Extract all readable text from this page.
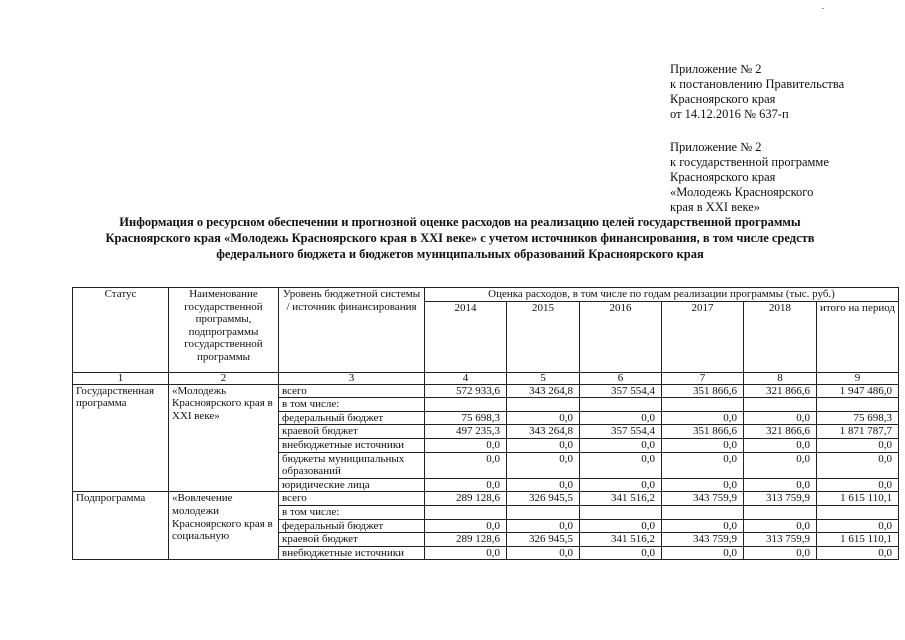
Приложение № 2
к постановлению Правительства
Красноярского края
от 14.12.2016 № 637-п
Приложение № 2
к государственной программе
Красноярского края
«Молодежь Красноярского
края в XXI веке»
Информация о ресурсном обеспечении и прогнозной оценке расходов на реализацию целей государственной программы
Красноярского края «Молодежь Красноярского края в XXI веке» с учетом источников финансирования, в том числе средств
федерального бюджета и бюджетов муниципальных образований Красноярского края
Статус	Наименование государственной программы, подпрограммы государственной программы	Уровень бюджетной системы / источник финансирования	Оценка расходов, в том числе по годам реализации программы (тыс. руб.)					
			2014	2015	2016	2017	2018	итого на период
1	2	3	4	5	6	7	8	9
Государственная программа	«Молодежь Красноярского края в XXI веке»	всего	572 933,6	343 264,8	357 554,4	351 866,6	321 866,6	1 947 486,0
		в том числе:						
		федеральный бюджет	75 698,3	0,0	0,0	0,0	0,0	75 698,3
		краевой бюджет	497 235,3	343 264,8	357 554,4	351 866,6	321 866,6	1 871 787,7
		внебюджетные источники	0,0	0,0	0,0	0,0	0,0	0,0
		бюджеты муниципальных образований	0,0	0,0	0,0	0,0	0,0	0,0
		юридические лица	0,0	0,0	0,0	0,0	0,0	0,0
Подпрограмма	«Вовлечение молодежи Красноярского края в социальную	всего	289 128,6	326 945,5	341 516,2	343 759,9	313 759,9	1 615 110,1
		в том числе:						
		федеральный бюджет	0,0	0,0	0,0	0,0	0,0	0,0
		краевой бюджет	289 128,6	326 945,5	341 516,2	343 759,9	313 759,9	1 615 110,1
		внебюджетные источники	0,0	0,0	0,0	0,0	0,0	0,0
